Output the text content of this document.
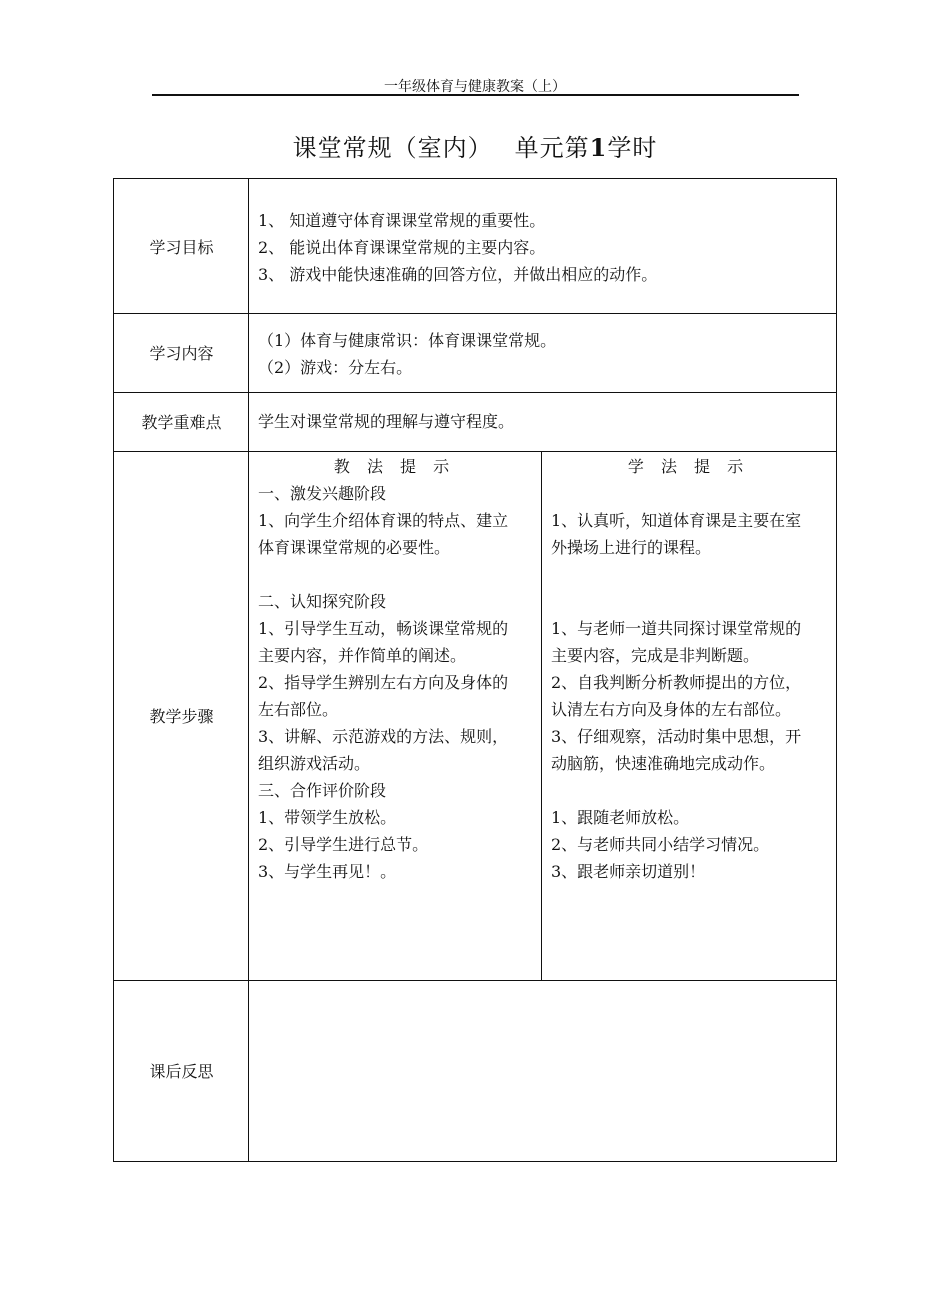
一年级体育与健康教案（上）
课堂常规（室内） 单元第1学时
学习目标
1、 知道遵守体育课课堂常规的重要性。
2、 能说出体育课课堂常规的主要内容。
3、 游戏中能快速准确的回答方位，并做出相应的动作。
学习内容
（1）体育与健康常识：体育课课堂常规。
（2）游戏：分左右。
教学重难点	学生对课堂常规的理解与遵守程度。
教学步骤
教 法 提 示	学 法 提 示
一、激发兴趣阶段
1、向学生介绍体育课的特点、建立
体育课课堂常规的必要性。
二、认知探究阶段
1、引导学生互动，畅谈课堂常规的
主要内容，并作简单的阐述。
2、指导学生辨别左右方向及身体的
左右部位。
3、讲解、示范游戏的方法、规则，
组织游戏活动。
三、合作评价阶段
1、带领学生放松。
2、引导学生进行总节。
3、与学生再见！。
1、认真听，知道体育课是主要在室
外操场上进行的课程。
1、与老师一道共同探讨课堂常规的
主要内容，完成是非判断题。
2、自我判断分析教师提出的方位，
认清左右方向及身体的左右部位。
3、仔细观察，活动时集中思想，开
动脑筋，快速准确地完成动作。
1、跟随老师放松。
2、与老师共同小结学习情况。
3、跟老师亲切道别！
课后反思
